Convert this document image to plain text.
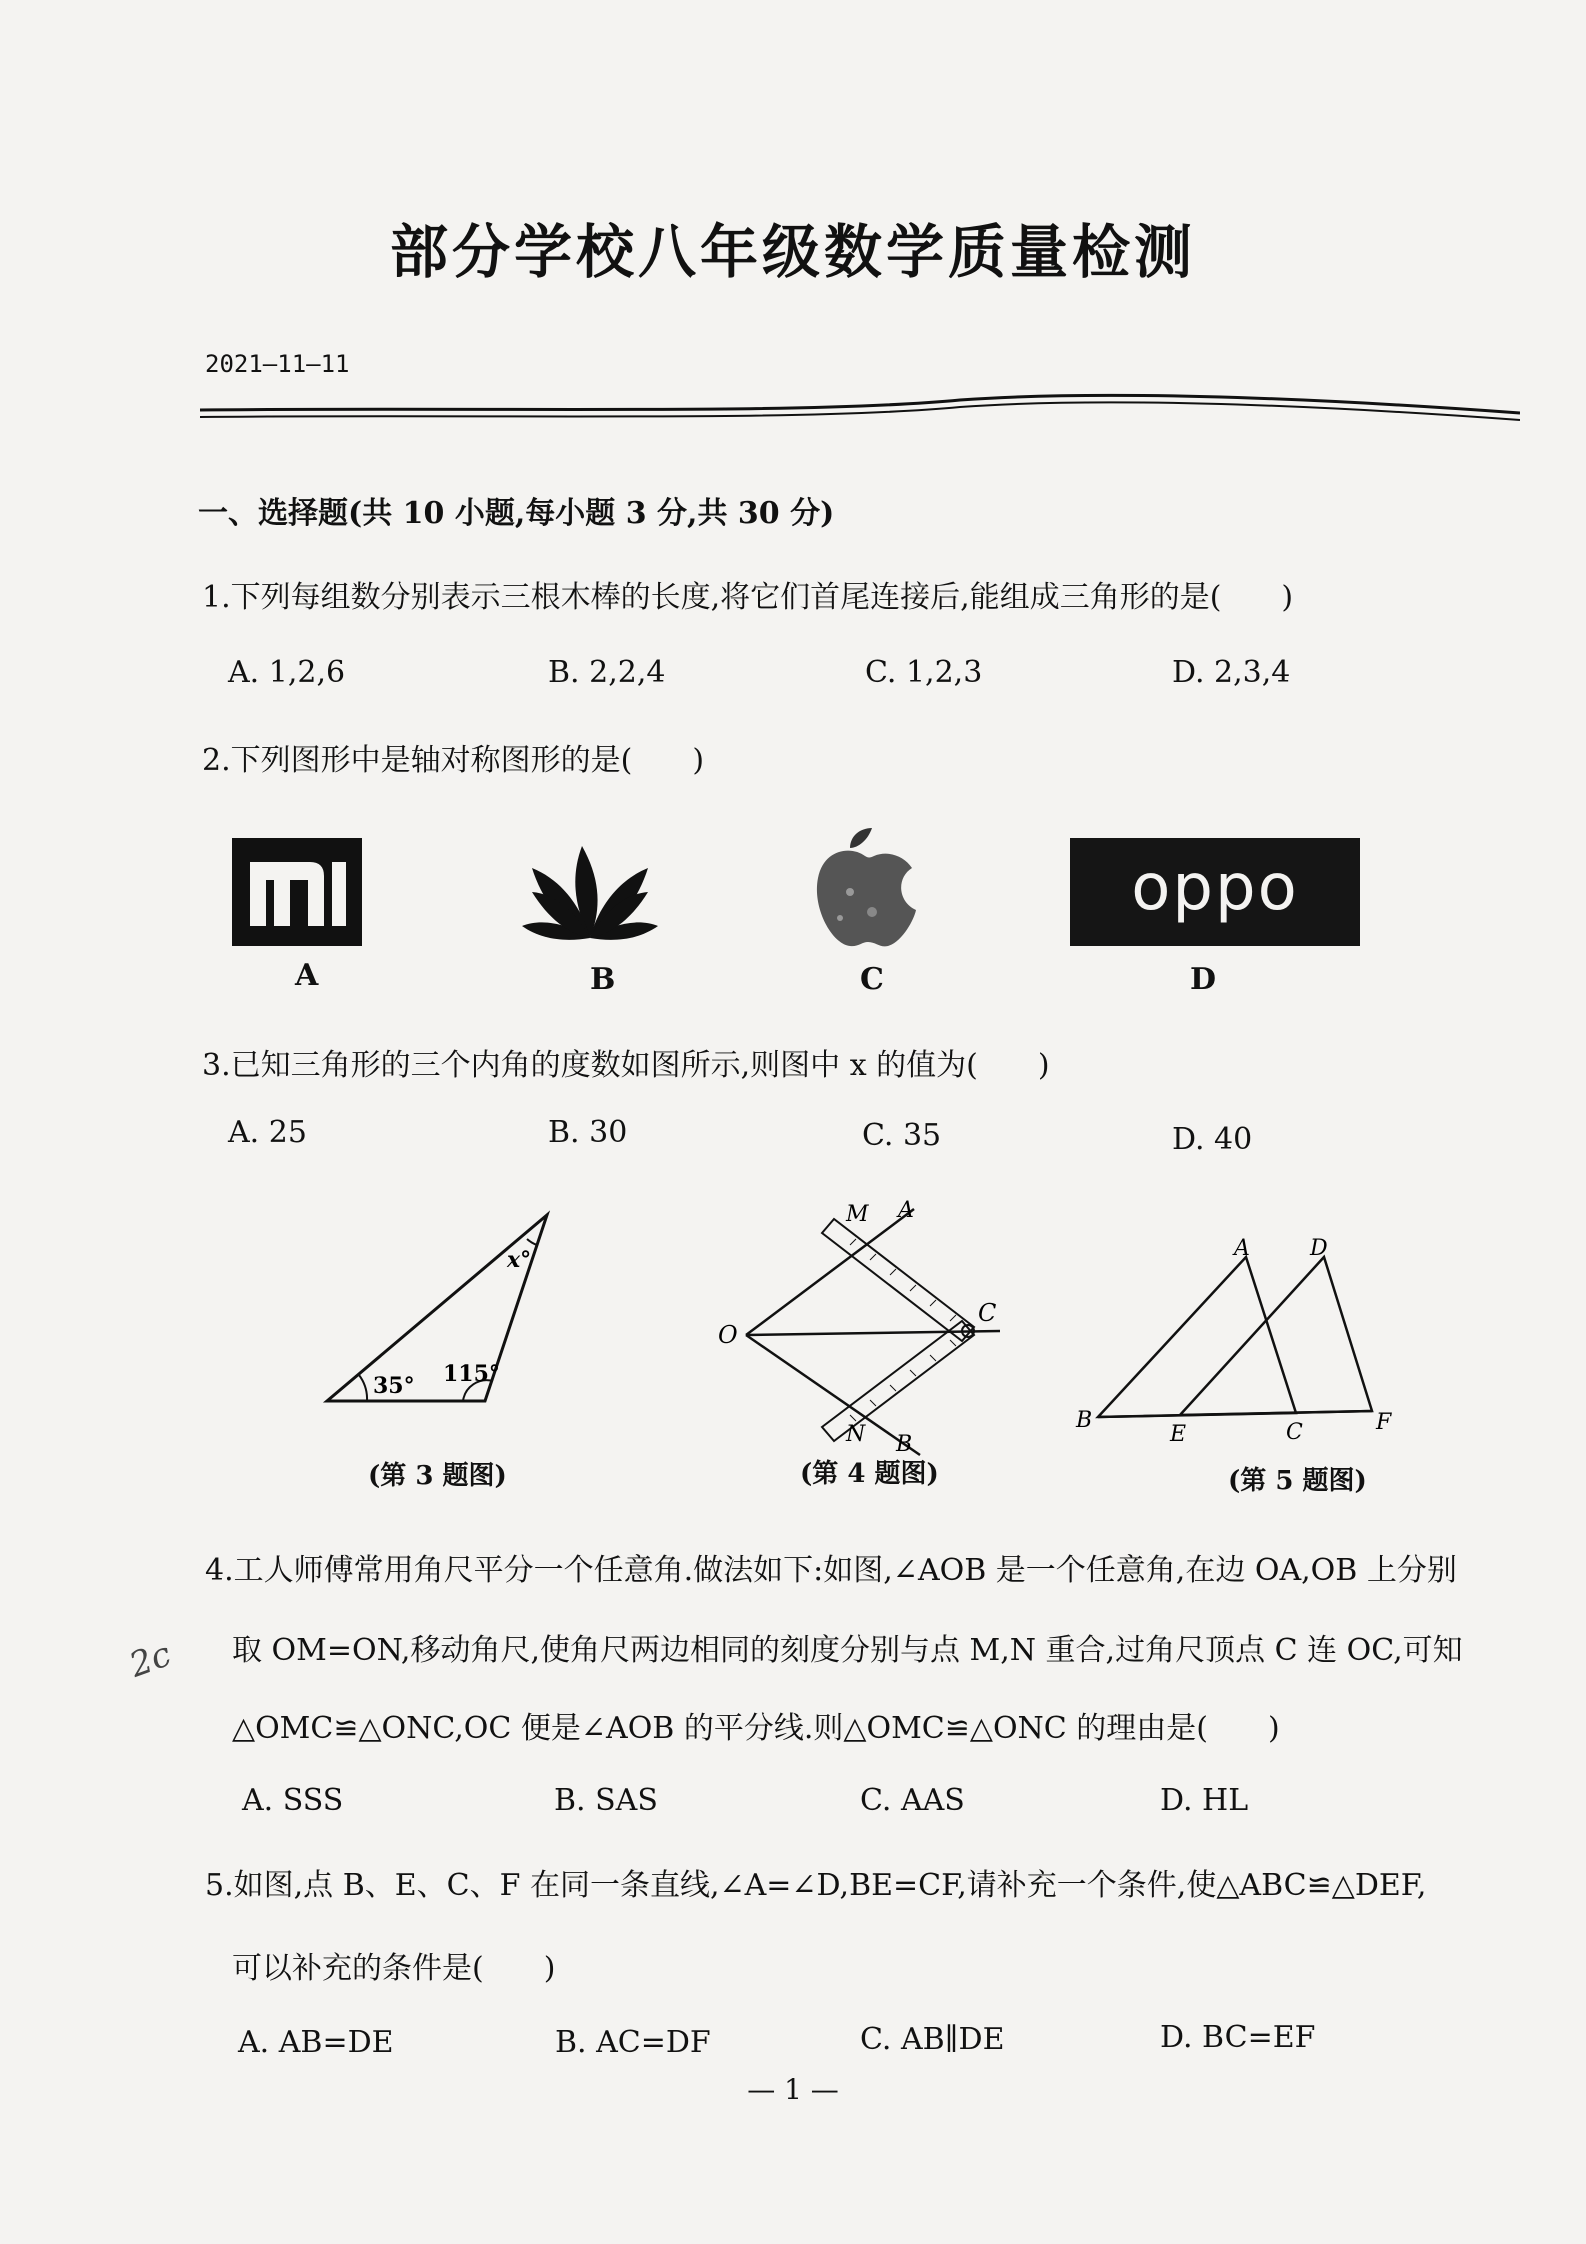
部分学校八年级数学质量检测
2021—11—11
一、选择题(共 10 小题,每小题 3 分,共 30 分)
1.下列每组数分别表示三根木棒的长度,将它们首尾连接后,能组成三角形的是(　　)
A. 1,2,6	B. 2,2,4	C. 1,2,3	D. 2,3,4
2.下列图形中是轴对称图形的是(　　)
A	B	C
oppo
D
3.已知三角形的三个内角的度数如图所示,则图中 x 的值为(　　)
A. 25	B. 30	C. 35	D. 40
35° 115°
x°
(第 3 题图)
M A
O
C
N B
(第 4 题图)
A	D
B
E	C	F
(第 5 题图)
4.工人师傅常用角尺平分一个任意角.做法如下:如图,∠AOB 是一个任意角,在边 OA,OB 上分别
取 OM=ON,移动角尺,使角尺两边相同的刻度分别与点 M,N 重合,过角尺顶点 C 连 OC,可知
△OMC≌△ONC,OC 便是∠AOB 的平分线.则△OMC≌△ONC 的理由是(　　)
2c
A. SSS	B. SAS	C. AAS	D. HL
5.如图,点 B、E、C、F 在同一条直线,∠A=∠D,BE=CF,请补充一个条件,使△ABC≌△DEF,
可以补充的条件是(　　)
A. AB=DE	B. AC=DF	C. AB∥DE	D. BC=EF
— 1 —
